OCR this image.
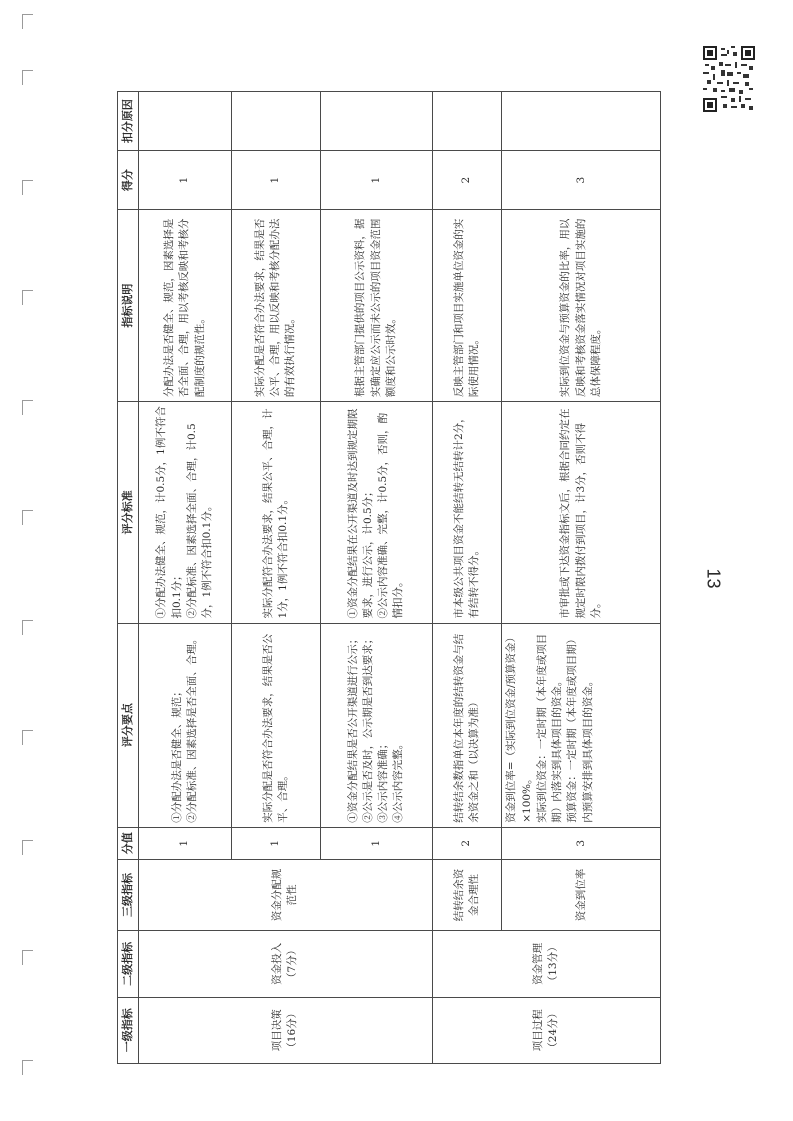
一级指标	二级指标	三级指标	分值	评分要点	评分标准	指标说明	得分	扣分原因
项目决策（16分）	资金投入（7分）	资金分配规范性	1	①分配办法是否健全、规范； ②分配标准、因素选择是否全面、合理。	①分配办法健全、规范，计0.5分，1例不符合扣0.1分； ②分配标准、因素选择全面、合理，计0.5分，1例不符合扣0.1分。	分配办法是否健全、规范，因素选择是否全面、合理，用以考核反映和考核分配制度的规范性。	1	
			1	实际分配是否符合办法要求，结果是否公平、合理。	实际分配符合办法要求，结果公平、合理，计1分，1例不符合扣0.1分。	实际分配是否符合办法要求，结果是否公平、合理，用以反映和考核分配办法的有效执行情况。	1	
			1	①资金分配结果是否公开渠道进行公示； ②公示是否及时，公示期是否到达要求； ③公示内容准确； ④公示内容完整。	①资金分配结果在公开渠道及时达到规定期限要求，进行公示，计0.5分； ②公示内容准确、完整，计0.5分，否则，酌情扣分。	根据主管部门提供的项目公示资料，据实确定应公示而未公示的项目资金范围额度和公示时效。	1	
项目过程（24分）	资金管理（13分）	结转结余资金合理性	2	结转结余数指单位本年度的结转资金与结余资金之和（以决算为准）	市本级公共项目资金不能结转无结转计2分，有结转不得分。	反映主管部门和项目实施单位资金的实际使用情况。	2	
		资金到位率	3	资金到位率=（实际到位资金/预算资金）×100%。 实际到位资金：一定时期（本年度或项目期）内落实到具体项目的资金。 预算资金：一定时期（本年度或项目期）内预算安排到具体项目的资金。	市审批或下达资金指标文后，根据合同约定在规定时限内拨付到项目，计3分，否则不得分。	实际到位资金与预算资金的比率，用以反映和考核资金落实情况对项目实施的总体保障程度。	3	
13
